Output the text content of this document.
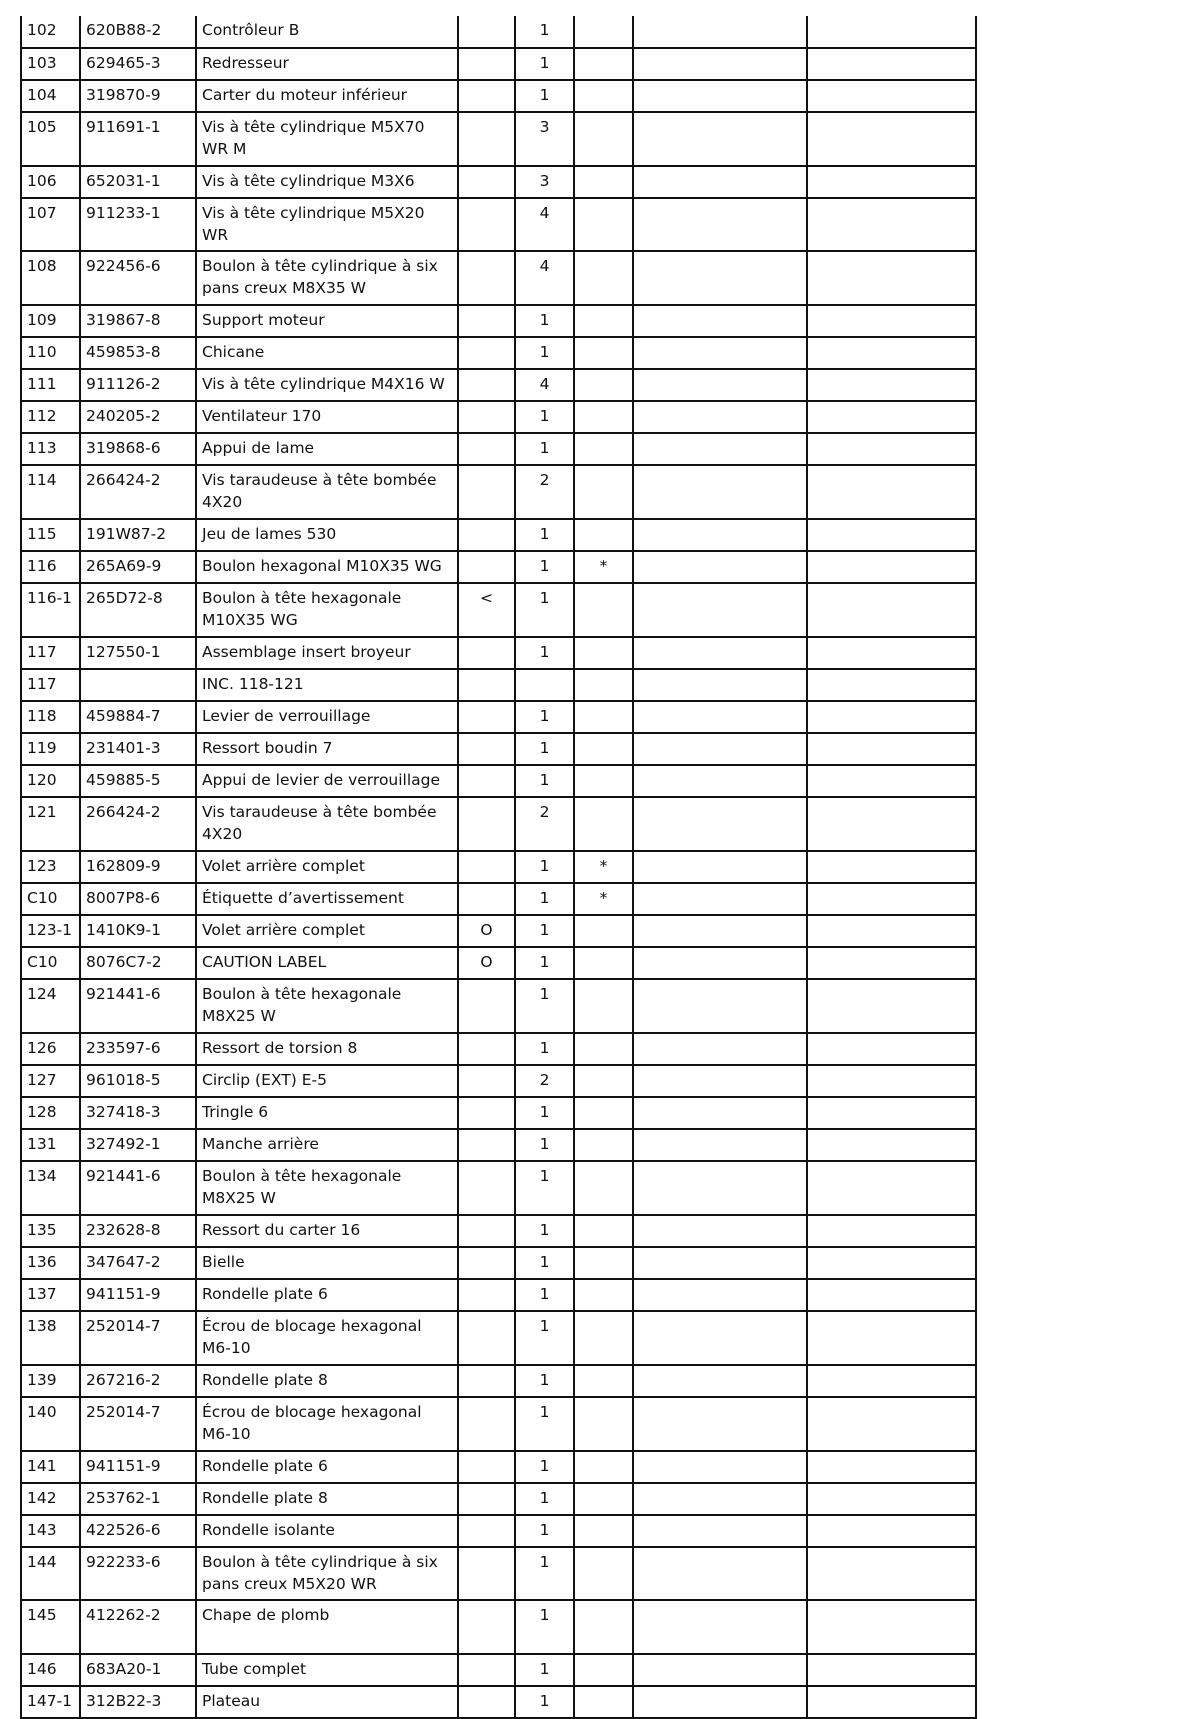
102	620B88-2	Contrôleur B		1			
103	629465-3	Redresseur		1			
104	319870-9	Carter du moteur inférieur		1			
105	911691-1	Vis à tête cylindrique M5X70 WR M		3			
106	652031-1	Vis à tête cylindrique M3X6		3			
107	911233-1	Vis à tête cylindrique M5X20 WR		4			
108	922456-6	Boulon à tête cylindrique à six pans creux M8X35 W		4			
109	319867-8	Support moteur		1			
110	459853-8	Chicane		1			
111	911126-2	Vis à tête cylindrique M4X16 W		4			
112	240205-2	Ventilateur 170		1			
113	319868-6	Appui de lame		1			
114	266424-2	Vis taraudeuse à tête bombée 4X20		2			
115	191W87-2	Jeu de lames 530		1			
116	265A69-9	Boulon hexagonal M10X35 WG		1	*		
116-1	265D72-8	Boulon à tête hexagonale M10X35 WG	<	1			
117	127550-1	Assemblage insert broyeur		1			
117		INC. 118-121					
118	459884-7	Levier de verrouillage		1			
119	231401-3	Ressort boudin 7		1			
120	459885-5	Appui de levier de verrouillage		1			
121	266424-2	Vis taraudeuse à tête bombée 4X20		2			
123	162809-9	Volet arrière complet		1	*		
C10	8007P8-6	Étiquette d’avertissement		1	*		
123-1	1410K9-1	Volet arrière complet	O	1			
C10	8076C7-2	CAUTION LABEL	O	1			
124	921441-6	Boulon à tête hexagonale M8X25 W		1			
126	233597-6	Ressort de torsion 8		1			
127	961018-5	Circlip (EXT) E-5		2			
128	327418-3	Tringle 6		1			
131	327492-1	Manche arrière		1			
134	921441-6	Boulon à tête hexagonale M8X25 W		1			
135	232628-8	Ressort du carter 16		1			
136	347647-2	Bielle		1			
137	941151-9	Rondelle plate 6		1			
138	252014-7	Écrou de blocage hexagonal M6-10		1			
139	267216-2	Rondelle plate 8		1			
140	252014-7	Écrou de blocage hexagonal M6-10		1			
141	941151-9	Rondelle plate 6		1			
142	253762-1	Rondelle plate 8		1			
143	422526-6	Rondelle isolante		1			
144	922233-6	Boulon à tête cylindrique à six pans creux M5X20 WR		1			
145	412262-2	Chape de plomb		1			
146	683A20-1	Tube complet		1			
147-1	312B22-3	Plateau		1			
